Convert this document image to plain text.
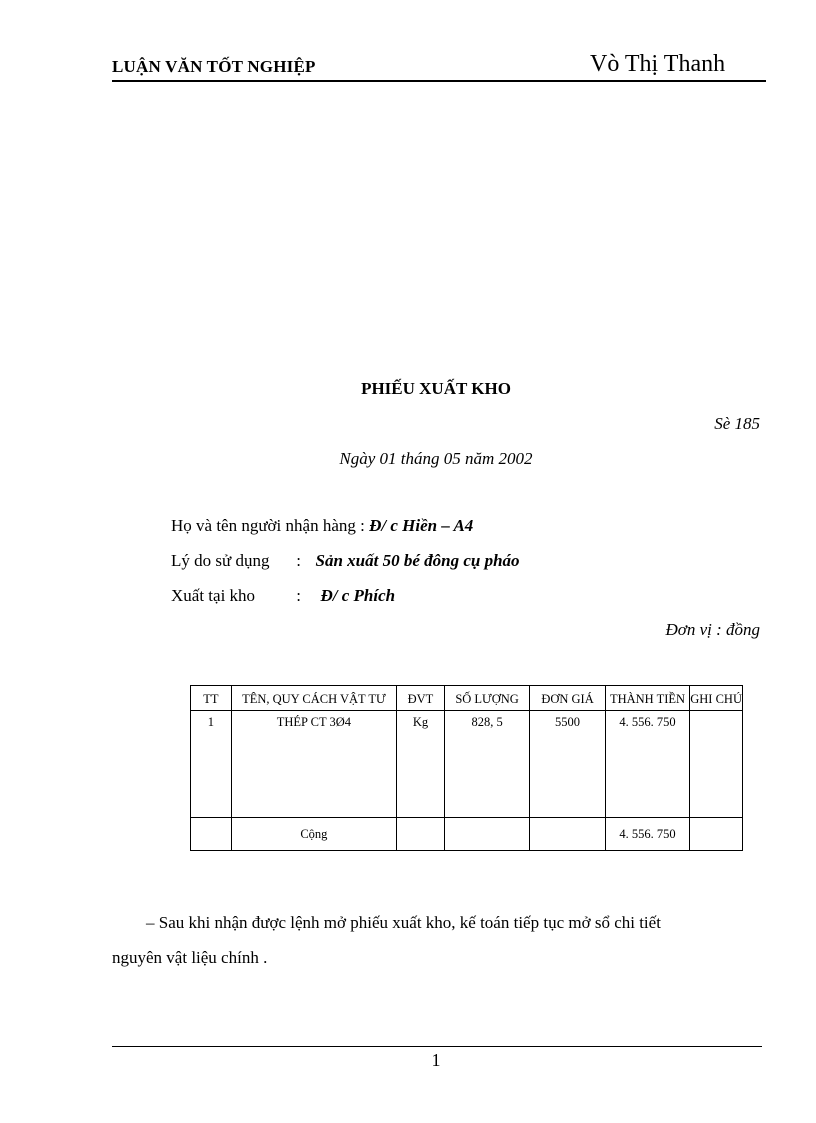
LUẬN VĂN TỐT NGHIỆP	Vò Thị Thanh
PHIẾU XUẤT KHO
Sè 185
Ngày 01 tháng 05 năm 2002
Họ và tên người nhận hàng : Đ/ c Hiền – A4
Lý do sử dụng : Sản xuất 50 bé đông cụ pháo
Xuất tại kho : Đ/ c Phích
Đơn vị : đồng
TT	TÊN, QUY CÁCH VẬT TƯ	ĐVT	SỐ LƯỢNG	ĐƠN GIÁ	THÀNH TIỀN	GHI CHÚ
1	THÉP CT 3Ø4	Kg	828, 5	5500	4. 556. 750	
	Cộng				4. 556. 750	
– Sau khi nhận được lệnh mở phiếu xuất kho, kế toán tiếp tục mở sổ chi tiết
nguyên vật liệu chính .
1
